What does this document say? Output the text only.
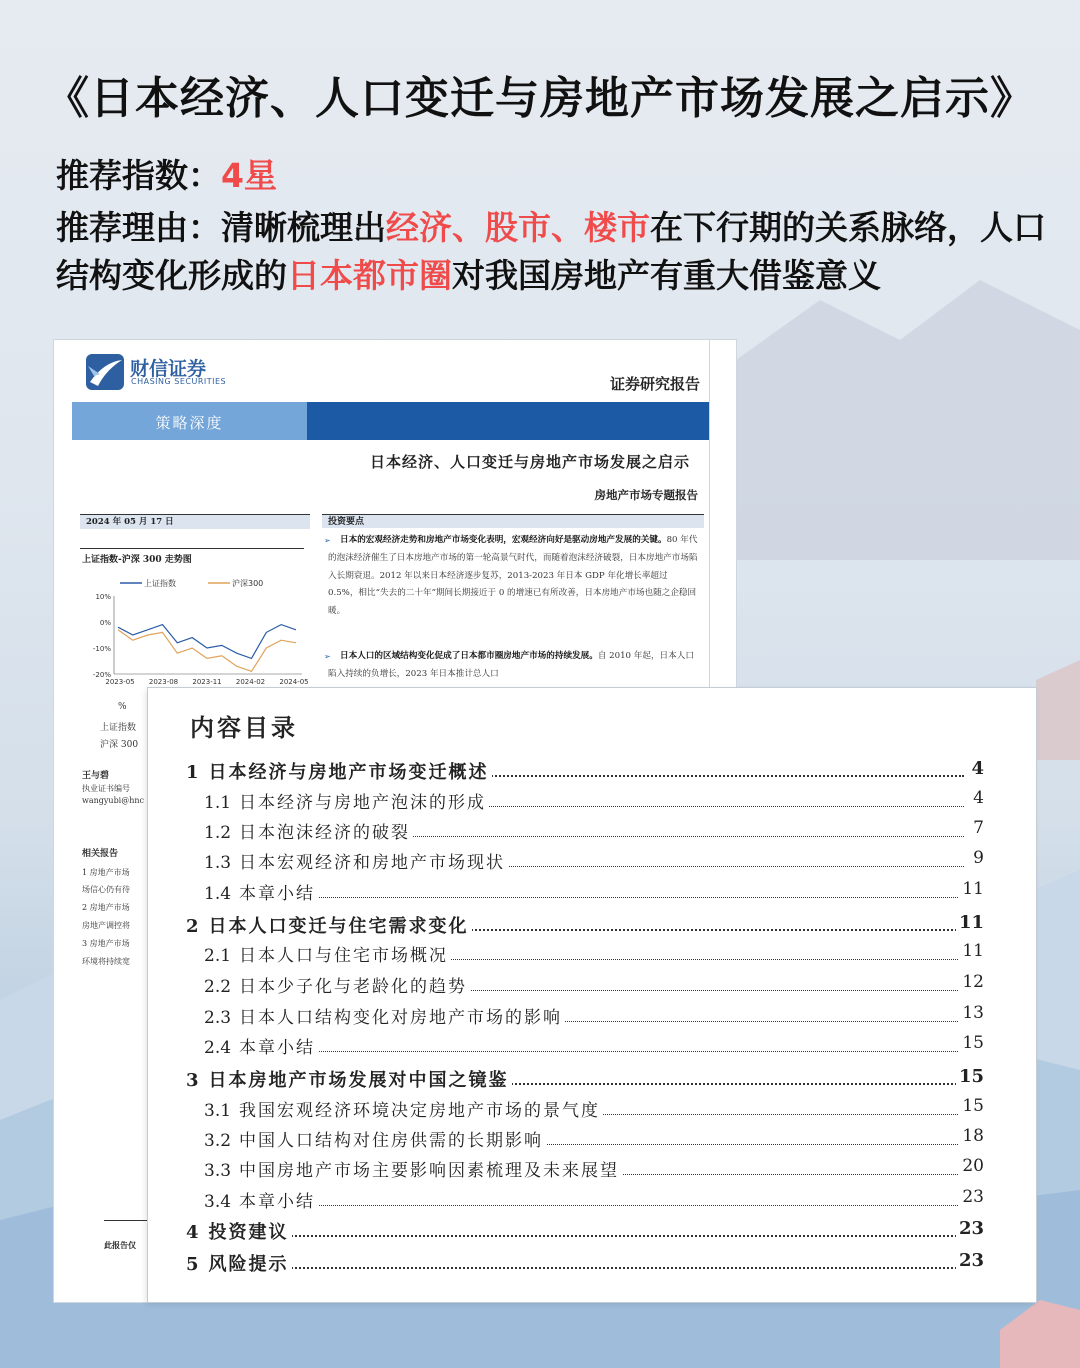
《日本经济、人口变迁与房地产市场发展之启示》
推荐指数：4星
推荐理由：清晰梳理出经济、股市、楼市在下行期的关系脉络，人口结构变化形成的日本都市圈对我国房地产有重大借鉴意义
财信证券
CHASING SECURITIES	证券研究报告
策略深度
日本经济、人口变迁与房地产市场发展之启示
房地产市场专题报告
2024 年 05 月 17 日
上证指数-沪深 300 走势图
上证指数	沪深300
10%
0%
-10%
-20%
2023-05 2023-08 2023-11 2024-02 2024-05
%
上证指数
沪深 300
王与碧
执业证书编号
wangyubi@hnc
相关报告
1 房地产市场
场信心仍有待
2 房地产市场
房地产调控将
3 房地产市场
环境将持续宽
投资要点
➢ 日本的宏观经济走势和房地产市场变化表明，宏观经济向好是驱动房地产发展的关键。80 年代的泡沫经济催生了日本房地产市场的第一轮高景气时代，而随着泡沫经济破裂，日本房地产市场陷入长期衰退。2012 年以来日本经济逐步复苏，2013-2023 年日本 GDP 年化增长率超过 0.5%，相比“失去的二十年”期间长期接近于 0 的增速已有所改善，日本房地产市场也随之企稳回暖。
➢ 日本人口的区域结构变化促成了日本都市圈房地产市场的持续发展。自 2010 年起，日本人口陷入持续的负增长，2023 年日本推计总人口
此报告仅
内容目录
1 日本经济与房地产市场变迁概述	4
1.1 日本经济与房地产泡沫的形成	4
1.2 日本泡沫经济的破裂	7
1.3 日本宏观经济和房地产市场现状	9
1.4 本章小结	11
2 日本人口变迁与住宅需求变化	11
2.1 日本人口与住宅市场概况	11
2.2 日本少子化与老龄化的趋势	12
2.3 日本人口结构变化对房地产市场的影响	13
2.4 本章小结	15
3 日本房地产市场发展对中国之镜鉴	15
3.1 我国宏观经济环境决定房地产市场的景气度	15
3.2 中国人口结构对住房供需的长期影响	18
3.3 中国房地产市场主要影响因素梳理及未来展望	20
3.4 本章小结	23
4 投资建议	23
5 风险提示	23
